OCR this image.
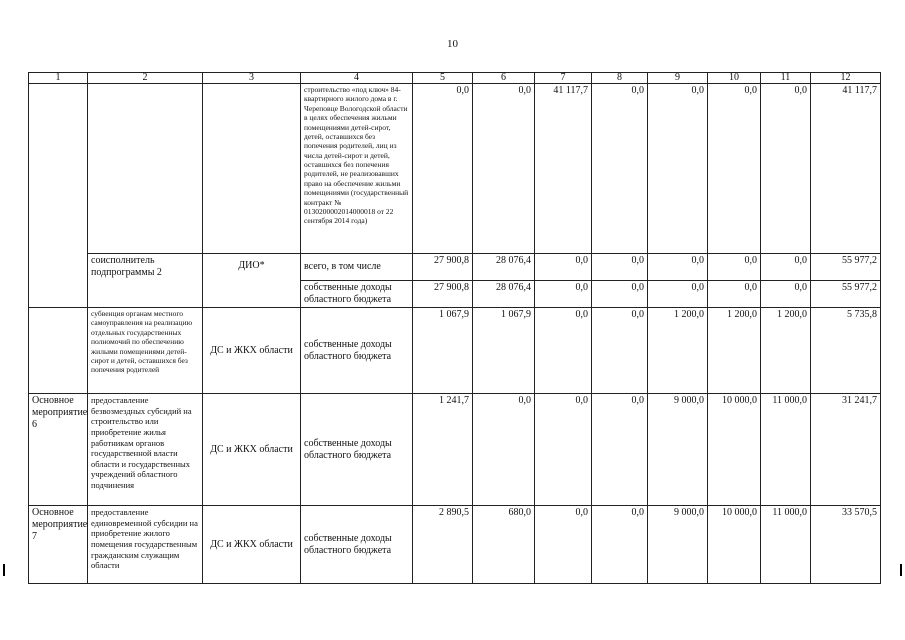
10
1	2	3	4	5	6	7	8	9	10	11	12
			строительство «под ключ» 84-квартирного жилого дома в г. Череповце Вологодской области в целях обеспечения жильми помещениями детей-сирот, детей, оставшихся без попечения родителей, лиц из числа детей-сирот и детей, оставшихся без попечения родителей, не реализовавших право на обеспечение жильми помещениями (государственный контракт № 0130200002014000018 от 22 сентября 2014 года)	0,0	0,0	41 117,7	0,0	0,0	0,0	0,0	41 117,7
	соисполнитель подпрограммы 2	ДИО*	всего, в том числе	27 900,8	28 076,4	0,0	0,0	0,0	0,0	0,0	55 977,2
			собственные доходы областного бюджета	27 900,8	28 076,4	0,0	0,0	0,0	0,0	0,0	55 977,2
	субвенция органам местного самоуправления на реализацию отдельных государственных полномочий по обеспечению жилыми помещениями детей-сирот и детей, оставшихся без попечения родителей	ДС и ЖКХ области	собственные доходы областного бюджета	1 067,9	1 067,9	0,0	0,0	1 200,0	1 200,0	1 200,0	5 735,8
Основное мероприятие 6	предоставление безвозмездных субсидий на строительство или приобретение жилья работникам органов государственной власти области и государственных учреждений областного подчинения	ДС и ЖКХ области	собственные доходы областного бюджета	1 241,7	0,0	0,0	0,0	9 000,0	10 000,0	11 000,0	31 241,7
Основное мероприятие 7	предоставление единовременной субсидии на приобретение жилого помещения государственным гражданским служащим области	ДС и ЖКХ области	собственные доходы областного бюджета	2 890,5	680,0	0,0	0,0	9 000,0	10 000,0	11 000,0	33 570,5
